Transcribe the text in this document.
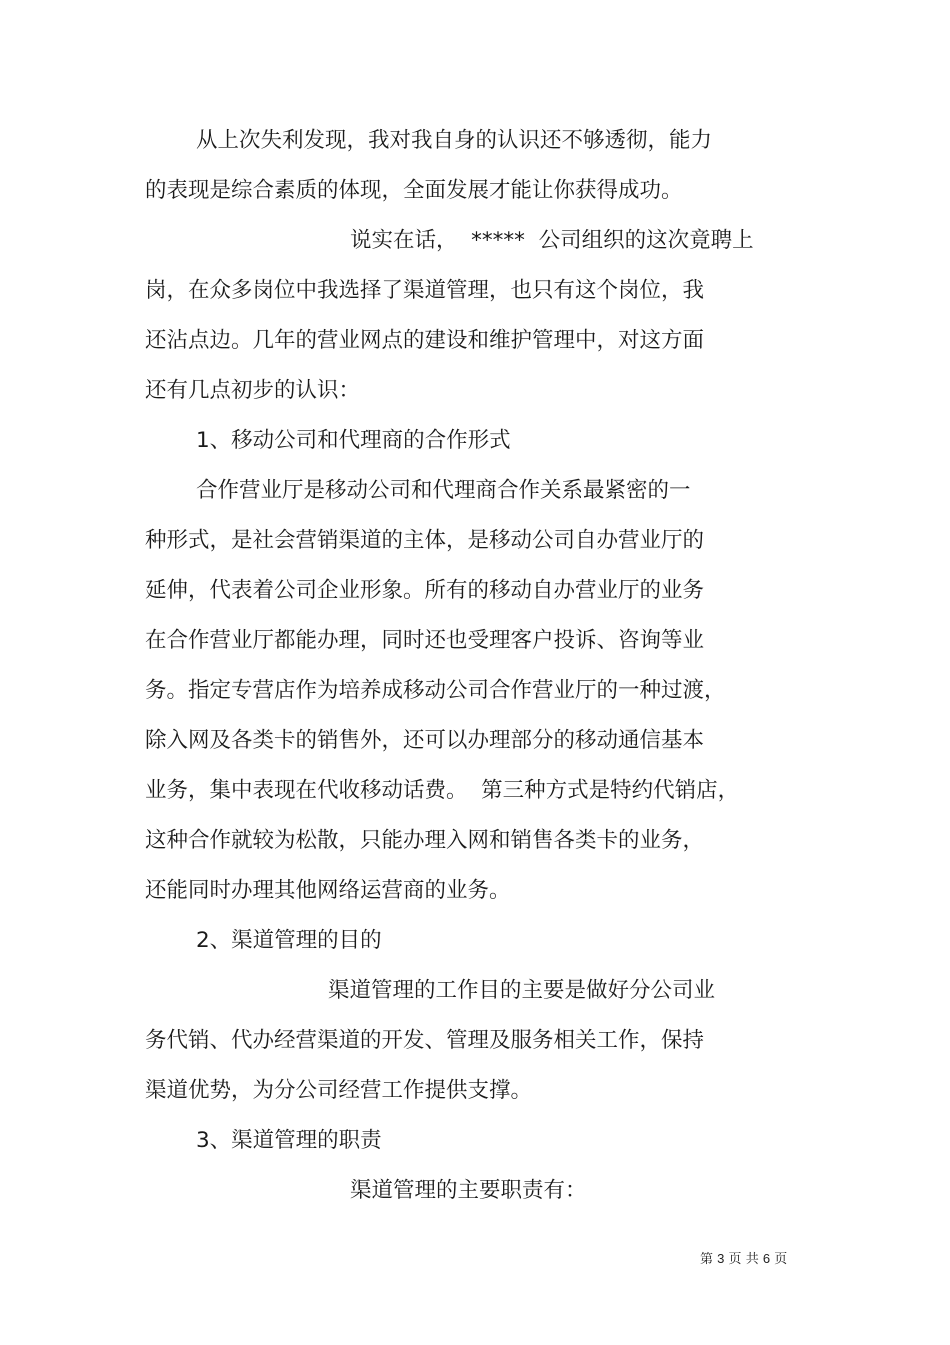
从上次失利发现，我对我自身的认识还不够透彻，能力
的表现是综合素质的体现，全面发展才能让你获得成功。
说实在话，  *****  公司组织的这次竟聘上
岗，在众多岗位中我选择了渠道管理，也只有这个岗位，我
还沾点边。几年的营业网点的建设和维护管理中，对这方面
还有几点初步的认识：
1、移动公司和代理商的合作形式
合作营业厅是移动公司和代理商合作关系最紧密的一
种形式，是社会营销渠道的主体，是移动公司自办营业厅的
延伸，代表着公司企业形象。所有的移动自办营业厅的业务
在合作营业厅都能办理，同时还也受理客户投诉、咨询等业
务。指定专营店作为培养成移动公司合作营业厅的一种过渡，
除入网及各类卡的销售外，还可以办理部分的移动通信基本
业务，集中表现在代收移动话费。  第三种方式是特约代销店，
这种合作就较为松散，只能办理入网和销售各类卡的业务，
还能同时办理其他网络运营商的业务。
2、渠道管理的目的
渠道管理的工作目的主要是做好分公司业
务代销、代办经营渠道的开发、管理及服务相关工作，保持
渠道优势，为分公司经营工作提供支撑。
3、渠道管理的职责
渠道管理的主要职责有：
第 3 页 共 6 页
